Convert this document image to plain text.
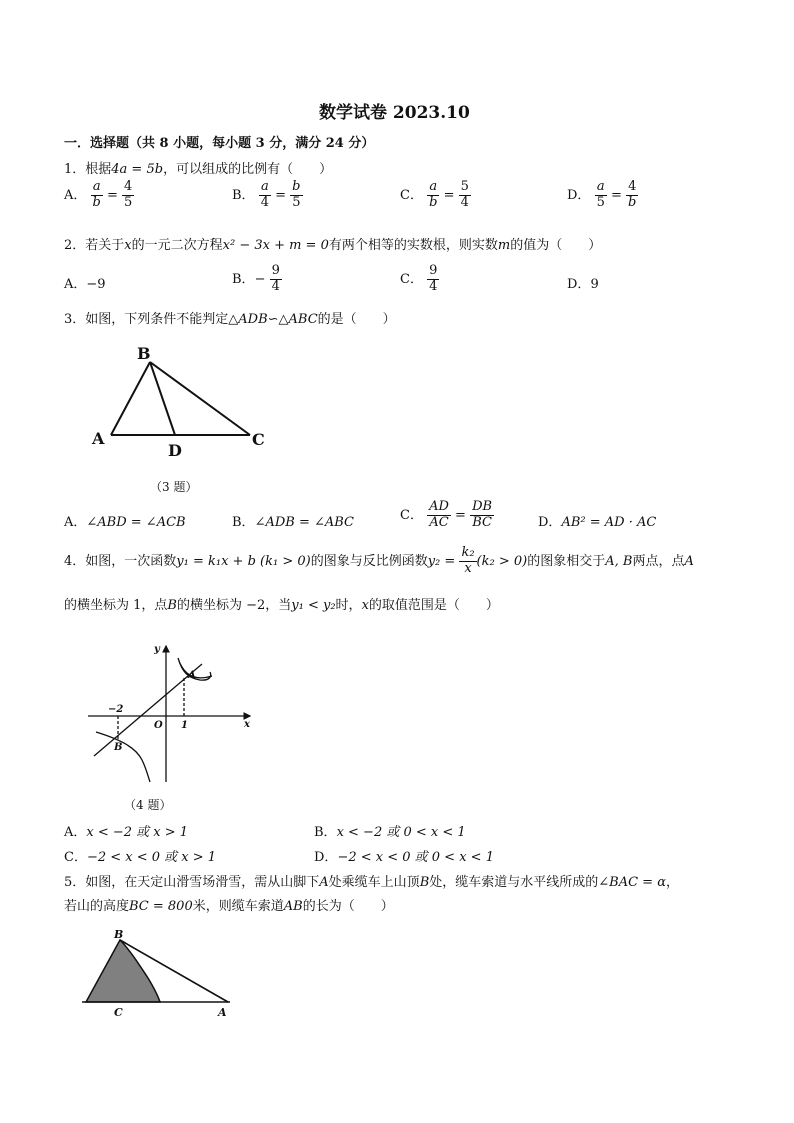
数学试卷 2023.10
一．选择题（共 8 小题，每小题 3 分，满分 24 分）
1．根据4a = 5b，可以组成的比例有（　　）
A． $\frac{a}{b} = \frac{4}{5}$	B． $\frac{a}{4} = \frac{b}{5}$	C． $\frac{a}{b} = \frac{5}{4}$	D． $\frac{a}{5} = \frac{4}{b}$
2．若关于x的一元二次方程x² − 3x + m = 0有两个相等的实数根，则实数m的值为（　　）
A．−9	B．− $\frac{9}{4}$	C． $\frac{9}{4}$	D．9
3．如图，下列条件不能判定△ADB∽△ABC的是（　　）
B
A
D
C
（3 题）
A．∠ABD = ∠ACB	B．∠ADB = ∠ABC	C． $\frac{AD}{AC} = \frac{DB}{BC}$	D．AB² = AD · AC
4．如图，一次函数y₁ = k₁x + b (k₁ > 0)的图象与反比例函数$y_2 = \frac{\text{k₂}}{x} (k_2 > 0)$的图象相交于A, B两点，点A
的横坐标为 1，点B的横坐标为 −2，当y₁ < y₂时，x的取值范围是（　　）
y
x
O
−2
1
A
B
（4 题）
A．x < −2 或 x > 1	B．x < −2 或 0 < x < 1
C．−2 < x < 0 或 x > 1	D．−2 < x < 0 或 0 < x < 1
5．如图，在天定山滑雪场滑雪，需从山脚下A处乘缆车上山顶B处，缆车索道与水平线所成的∠BAC = α，
若山的高度BC = 800米，则缆车索道AB的长为（　　）
B
C	A
